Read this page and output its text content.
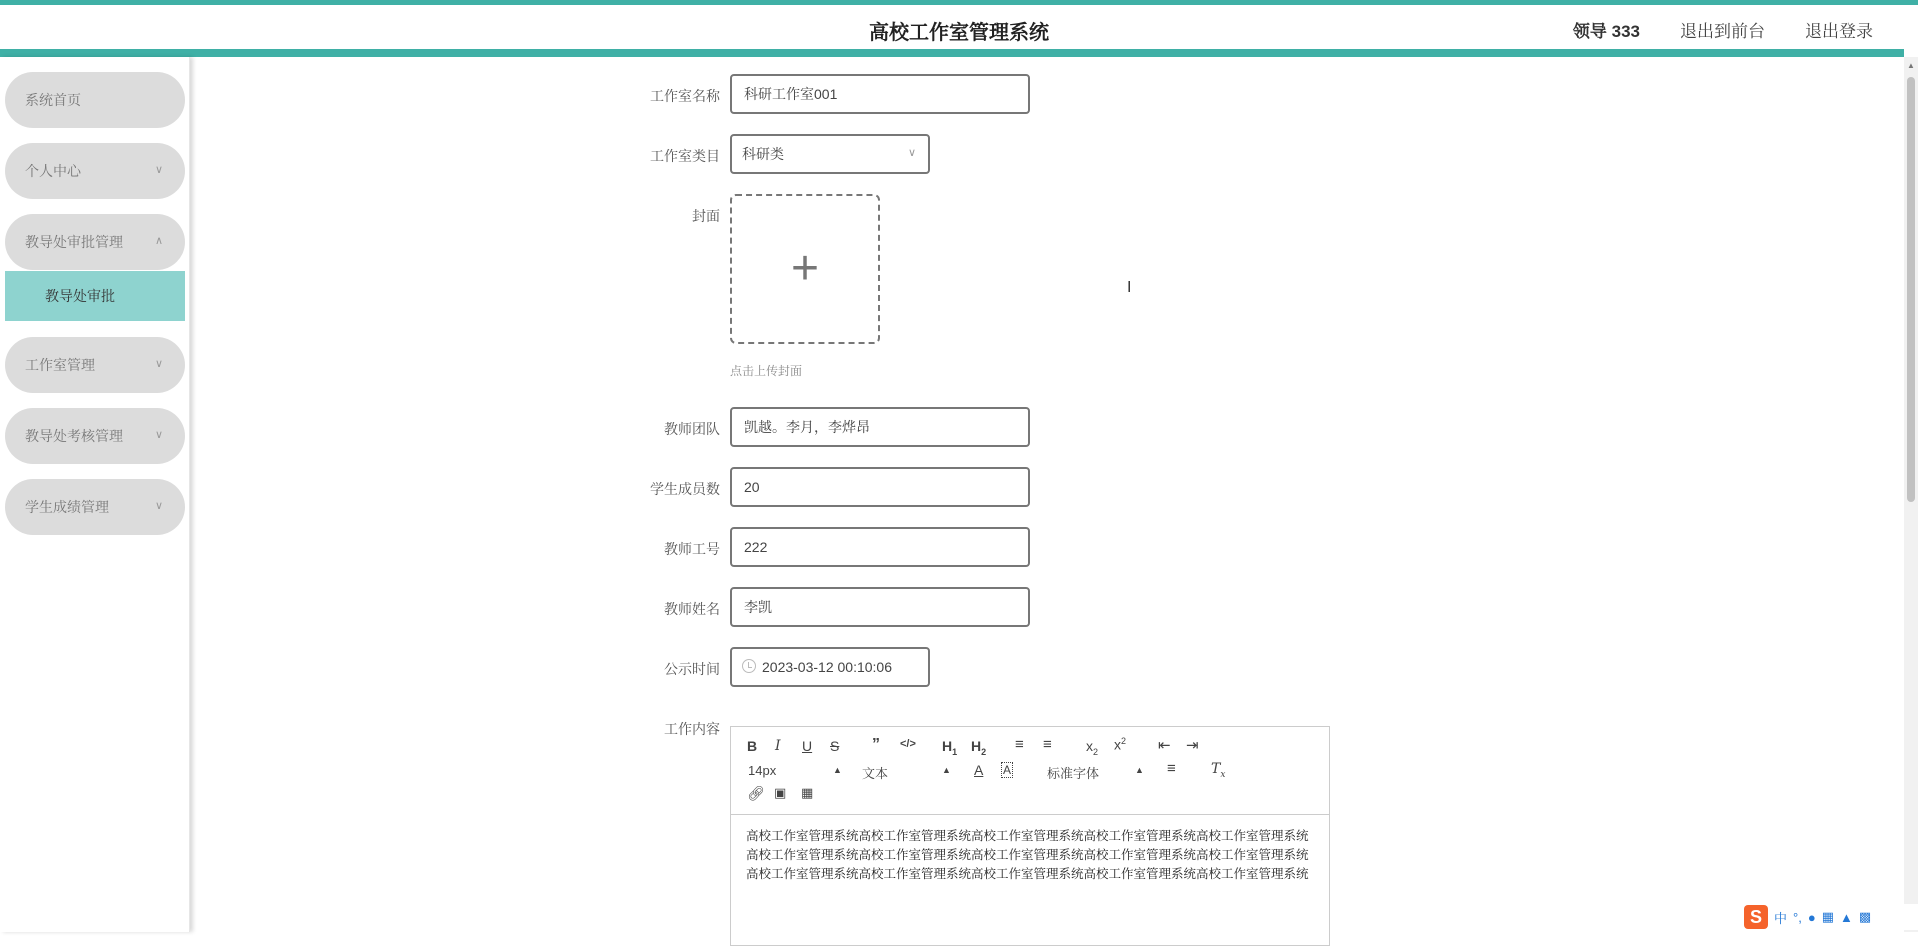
高校工作室管理系统	领导 333 退出到前台 退出登录
系统首页
个人中心	∨
教导处审批管理	∧
教导处审批
工作室管理	∨
教导处考核管理	∨
学生成绩管理	∨
工作室名称	科研工作室001
工作室类目 科研类	∨
封面
+
点击上传封面
教师团队	凯越。李月，李烨昂
学生成员数	20
教师工号	222
教师姓名	李凯
公示时间	2023-03-12 00:10:06
工作内容
B I U S ” </> $H_1$ $H_2$ ≡ ≡ $x_2$ $x^2$ ⇤ ⇥
14px	▲︎ 文本	▲︎ A A	标准字体	▲︎ ≡	$T_x$
🔗︎ ▣ ▦
高校工作室管理系统高校工作室管理系统高校工作室管理系统高校工作室管理系统高校工作室管理系统高校工作室管理系统高校工作室管理系统高校工作室管理系统高校工作室管理系统高校工作室管理系统高校工作室管理系统高校工作室管理系统高校工作室管理系统高校工作室管理系统高校工作室管理系统
I
▲
S 中 °, ● ▦ ▲ ▩
